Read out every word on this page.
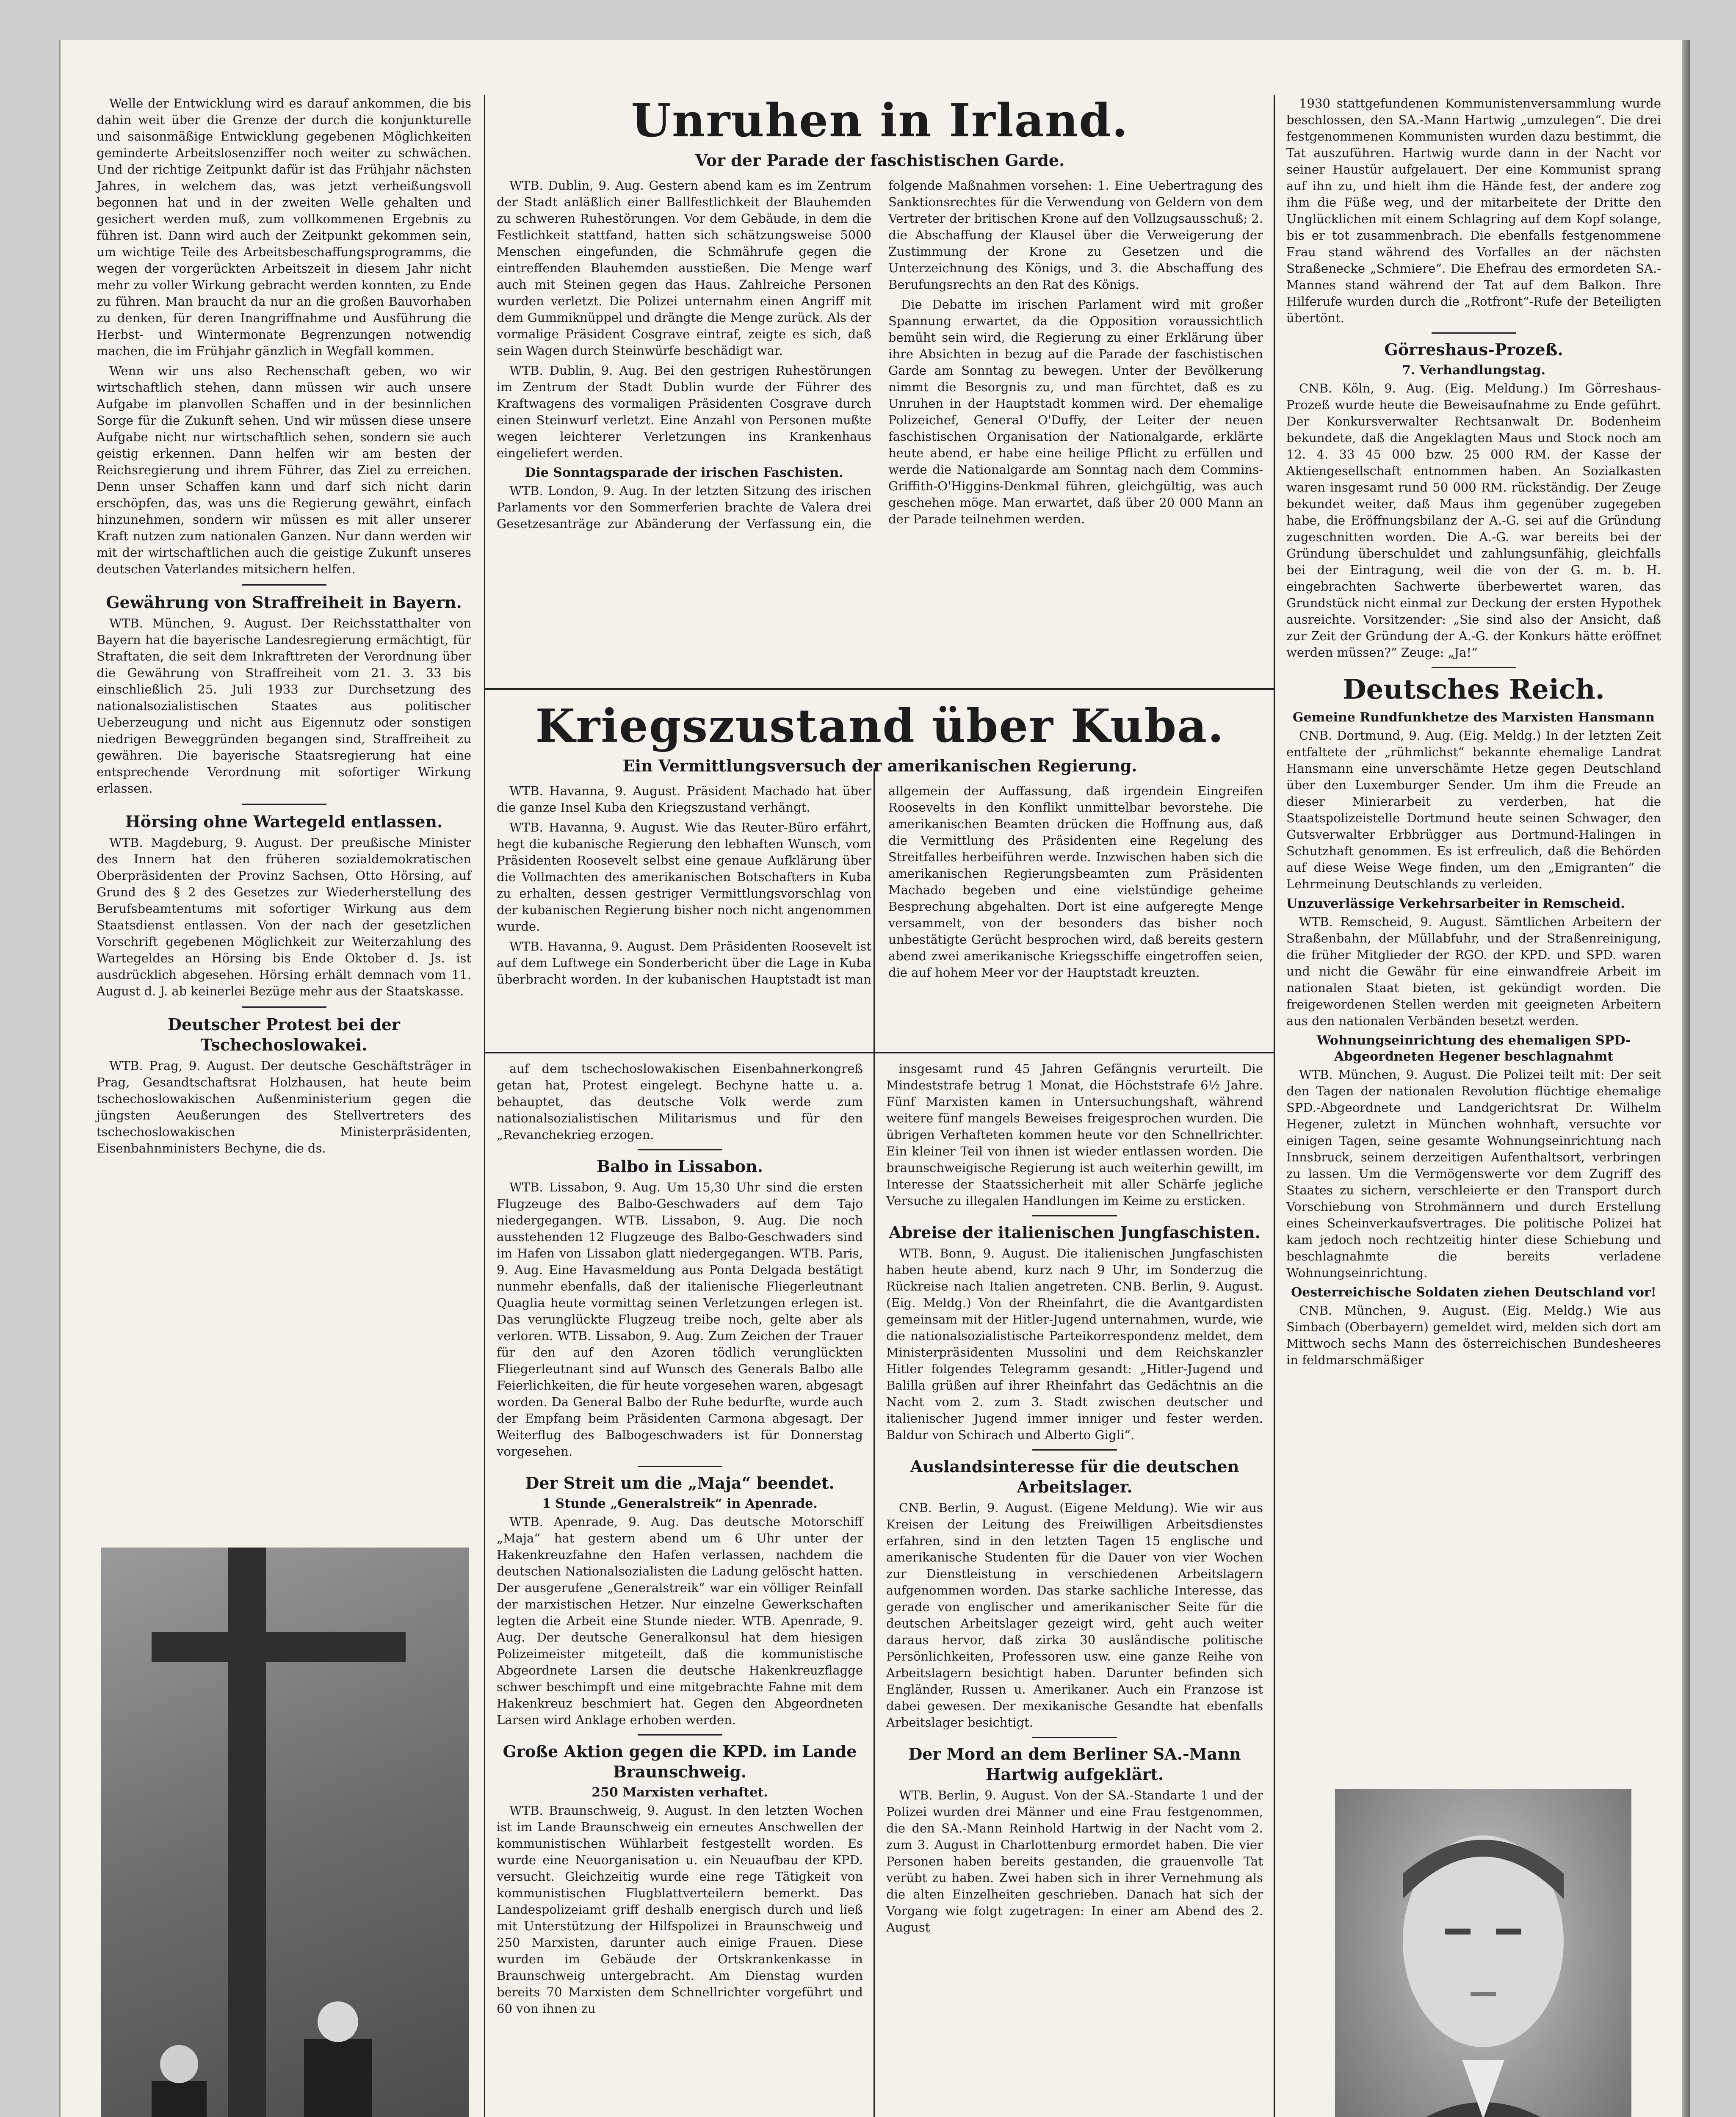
Welle der Entwicklung wird es darauf ankommen, die bis dahin weit über die Grenze der durch die konjunkturelle und saisonmäßige Entwicklung gegebenen Möglichkeiten geminderte Arbeitslosenziffer noch weiter zu schwächen. Und der richtige Zeitpunkt dafür ist das Frühjahr nächsten Jahres, in welchem das, was jetzt verheißungsvoll begonnen hat und in der zweiten Welle gehalten und gesichert werden muß, zum vollkommenen Ergebnis zu führen ist. Dann wird auch der Zeitpunkt gekommen sein, um wichtige Teile des Arbeitsbeschaffungsprogramms, die wegen der vorgerückten Arbeitszeit in diesem Jahr nicht mehr zu voller Wirkung gebracht werden konnten, zu Ende zu führen. Man braucht da nur an die großen Bauvorhaben zu denken, für deren Inangriffnahme und Ausführung die Herbst- und Wintermonate Begrenzungen notwendig machen, die im Frühjahr gänzlich in Wegfall kommen.

Wenn wir uns also Rechenschaft geben, wo wir wirtschaftlich stehen, dann müssen wir auch unsere Aufgabe im planvollen Schaffen und in der besinnlichen Sorge für die Zukunft sehen. Und wir müssen diese unsere Aufgabe nicht nur wirtschaftlich sehen, sondern sie auch geistig erkennen. Dann helfen wir am besten der Reichsregierung und ihrem Führer, das Ziel zu erreichen. Denn unser Schaffen kann und darf sich nicht darin erschöpfen, das, was uns die Regierung gewährt, einfach hinzunehmen, sondern wir müssen es mit aller unserer Kraft nutzen zum nationalen Ganzen. Nur dann werden wir mit der wirtschaftlichen auch die geistige Zukunft unseres deutschen Vaterlandes mitsichern helfen.

Gewährung von Straffreiheit in Bayern.

WTB. München, 9. August. Der Reichsstatthalter von Bayern hat die bayerische Landesregierung ermächtigt, für Straftaten, die seit dem Inkrafttreten der Verordnung über die Gewährung von Straffreiheit vom 21. 3. 33 bis einschließlich 25. Juli 1933 zur Durchsetzung des nationalsozialistischen Staates aus politischer Ueberzeugung und nicht aus Eigennutz oder sonstigen niedrigen Beweggründen begangen sind, Straffreiheit zu gewähren. Die bayerische Staatsregierung hat eine entsprechende Verordnung mit sofortiger Wirkung erlassen.

Hörsing ohne Wartegeld entlassen.

WTB. Magdeburg, 9. August. Der preußische Minister des Innern hat den früheren sozialdemokratischen Oberpräsidenten der Provinz Sachsen, Otto Hörsing, auf Grund des § 2 des Gesetzes zur Wiederherstellung des Berufsbeamtentums mit sofortiger Wirkung aus dem Staatsdienst entlassen. Von der nach der gesetzlichen Vorschrift gegebenen Möglichkeit zur Weiterzahlung des Wartegeldes an Hörsing bis Ende Oktober d. Js. ist ausdrücklich abgesehen. Hörsing erhält demnach vom 11. August d. J. ab keinerlei Bezüge mehr aus der Staatskasse.

Deutscher Protest bei der Tschechoslowakei.

WTB. Prag, 9. August. Der deutsche Geschäftsträger in Prag, Gesandtschaftsrat Holzhausen, hat heute beim tschechoslowakischen Außenministerium gegen die jüngsten Aeußerungen des Stellvertreters des tschechoslowakischen Ministerpräsidenten, Eisenbahnministers Bechyne, die ds.

Unruhen in Irland.
Vor der Parade der faschistischen Garde.

WTB. Dublin, 9. Aug. Gestern abend kam es im Zentrum der Stadt anläßlich einer Ballfestlichkeit der Blauhemden zu schweren Ruhestörungen. Vor dem Gebäude, in dem die Festlichkeit stattfand, hatten sich schätzungsweise 5000 Menschen eingefunden, die Schmährufe gegen die eintreffenden Blauhemden ausstießen. Die Menge warf auch mit Steinen gegen das Haus. Zahlreiche Personen wurden verletzt. Die Polizei unternahm einen Angriff mit dem Gummiknüppel und drängte die Menge zurück. Als der vormalige Präsident Cosgrave eintraf, zeigte es sich, daß sein Wagen durch Steinwürfe beschädigt war.

WTB. Dublin, 9. Aug. Bei den gestrigen Ruhestörungen im Zentrum der Stadt Dublin wurde der Führer des Kraftwagens des vormaligen Präsidenten Cosgrave durch einen Steinwurf verletzt. Eine Anzahl von Personen mußte wegen leichterer Verletzungen ins Krankenhaus eingeliefert werden.

Die Sonntagsparade der irischen Faschisten.

WTB. London, 9. Aug. In der letzten Sitzung des irischen Parlaments vor den Sommerferien brachte de Valera drei Gesetzesanträge zur Abänderung der Verfassung ein, die folgende Maßnahmen vorsehen: 1. Eine Uebertragung des Sanktionsrechtes für die Verwendung von Geldern von dem Vertreter der britischen Krone auf den Vollzugsausschuß; 2. die Abschaffung der Klausel über die Verweigerung der Zustimmung der Krone zu Gesetzen und die Unterzeichnung des Königs, und 3. die Abschaffung des Berufungsrechts an den Rat des Königs.

Die Debatte im irischen Parlament wird mit großer Spannung erwartet, da die Opposition voraussichtlich bemüht sein wird, die Regierung zu einer Erklärung über ihre Absichten in bezug auf die Parade der faschistischen Garde am Sonntag zu bewegen. Unter der Bevölkerung nimmt die Besorgnis zu, und man fürchtet, daß es zu Unruhen in der Hauptstadt kommen wird. Der ehemalige Polizeichef, General O'Duffy, der Leiter der neuen faschistischen Organisation der Nationalgarde, erklärte heute abend, er habe eine heilige Pflicht zu erfüllen und werde die Nationalgarde am Sonntag nach dem Commins-Griffith-O'Higgins-Denkmal führen, gleichgültig, was auch geschehen möge. Man erwartet, daß über 20 000 Mann an der Parade teilnehmen werden.

Kriegszustand über Kuba.
Ein Vermittlungsversuch der amerikanischen Regierung.

WTB. Havanna, 9. August. Präsident Machado hat über die ganze Insel Kuba den Kriegszustand verhängt.

WTB. Havanna, 9. August. Wie das Reuter-Büro erfährt, hegt die kubanische Regierung den lebhaften Wunsch, vom Präsidenten Roosevelt selbst eine genaue Aufklärung über die Vollmachten des amerikanischen Botschafters in Kuba zu erhalten, dessen gestriger Vermittlungsvorschlag von der kubanischen Regierung bisher noch nicht angenommen wurde.

WTB. Havanna, 9. August. Dem Präsidenten Roosevelt ist auf dem Luftwege ein Sonderbericht über die Lage in Kuba überbracht worden. In der kubanischen Hauptstadt ist man allgemein der Auffassung, daß irgendein Eingreifen Roosevelts in den Konflikt unmittelbar bevorstehe. Die amerikanischen Beamten drücken die Hoffnung aus, daß die Vermittlung des Präsidenten eine Regelung des Streitfalles herbeiführen werde. Inzwischen haben sich die amerikanischen Regierungsbeamten zum Präsidenten Machado begeben und eine vielstündige geheime Besprechung abgehalten. Dort ist eine aufgeregte Menge versammelt, von der besonders das bisher noch unbestätigte Gerücht besprochen wird, daß bereits gestern abend zwei amerikanische Kriegsschiffe eingetroffen seien, die auf hohem Meer vor der Hauptstadt kreuzten.

auf dem tschechoslowakischen Eisenbahnerkongreß getan hat, Protest eingelegt. Bechyne hatte u. a. behauptet, das deutsche Volk werde zum nationalsozialistischen Militarismus und für den „Revanchekrieg erzogen.

Balbo in Lissabon.

WTB. Lissabon, 9. Aug. Um 15,30 Uhr sind die ersten Flugzeuge des Balbo-Geschwaders auf dem Tajo niedergegangen. WTB. Lissabon, 9. Aug. Die noch ausstehenden 12 Flugzeuge des Balbo-Geschwaders sind im Hafen von Lissabon glatt niedergegangen. WTB. Paris, 9. Aug. Eine Havasmeldung aus Ponta Delgada bestätigt nunmehr ebenfalls, daß der italienische Fliegerleutnant Quaglia heute vormittag seinen Verletzungen erlegen ist. Das verunglückte Flugzeug treibe noch, gelte aber als verloren. WTB. Lissabon, 9. Aug. Zum Zeichen der Trauer für den auf den Azoren tödlich verunglückten Fliegerleutnant sind auf Wunsch des Generals Balbo alle Feierlichkeiten, die für heute vorgesehen waren, abgesagt worden. Da General Balbo der Ruhe bedurfte, wurde auch der Empfang beim Präsidenten Carmona abgesagt. Der Weiterflug des Balbogeschwaders ist für Donnerstag vorgesehen.

Der Streit um die „Maja“ beendet.
1 Stunde „Generalstreik“ in Apenrade.

WTB. Apenrade, 9. Aug. Das deutsche Motorschiff „Maja“ hat gestern abend um 6 Uhr unter der Hakenkreuzfahne den Hafen verlassen, nachdem die deutschen Nationalsozialisten die Ladung gelöscht hatten. Der ausgerufene „Generalstreik“ war ein völliger Reinfall der marxistischen Hetzer. Nur einzelne Gewerkschaften legten die Arbeit eine Stunde nieder. WTB. Apenrade, 9. Aug. Der deutsche Generalkonsul hat dem hiesigen Polizeimeister mitgeteilt, daß die kommunistische Abgeordnete Larsen die deutsche Hakenkreuzflagge schwer beschimpft und eine mitgebrachte Fahne mit dem Hakenkreuz beschmiert hat. Gegen den Abgeordneten Larsen wird Anklage erhoben werden.

Große Aktion gegen die KPD. im Lande Braunschweig.
250 Marxisten verhaftet.

WTB. Braunschweig, 9. August. In den letzten Wochen ist im Lande Braunschweig ein erneutes Anschwellen der kommunistischen Wühlarbeit festgestellt worden. Es wurde eine Neuorganisation u. ein Neuaufbau der KPD. versucht. Gleichzeitig wurde eine rege Tätigkeit von kommunistischen Flugblattverteilern bemerkt. Das Landespolizeiamt griff deshalb energisch durch und ließ mit Unterstützung der Hilfspolizei in Braunschweig und 250 Marxisten, darunter auch einige Frauen. Diese wurden im Gebäude der Ortskrankenkasse in Braunschweig untergebracht. Am Dienstag wurden bereits 70 Marxisten dem Schnellrichter vorgeführt und 60 von ihnen zu

insgesamt rund 45 Jahren Gefängnis verurteilt. Die Mindeststrafe betrug 1 Monat, die Höchststrafe 6½ Jahre. Fünf Marxisten kamen in Untersuchungshaft, während weitere fünf mangels Beweises freigesprochen wurden. Die übrigen Verhafteten kommen heute vor den Schnellrichter. Ein kleiner Teil von ihnen ist wieder entlassen worden. Die braunschweigische Regierung ist auch weiterhin gewillt, im Interesse der Staatssicherheit mit aller Schärfe jegliche Versuche zu illegalen Handlungen im Keime zu ersticken.

Abreise der italienischen Jungfaschisten.

WTB. Bonn, 9. August. Die italienischen Jungfaschisten haben heute abend, kurz nach 9 Uhr, im Sonderzug die Rückreise nach Italien angetreten. CNB. Berlin, 9. August. (Eig. Meldg.) Von der Rheinfahrt, die die Avantgardisten gemeinsam mit der Hitler-Jugend unternahmen, wurde, wie die nationalsozialistische Parteikorrespondenz meldet, dem Ministerpräsidenten Mussolini und dem Reichskanzler Hitler folgendes Telegramm gesandt: „Hitler-Jugend und Balilla grüßen auf ihrer Rheinfahrt das Gedächtnis an die Nacht vom 2. zum 3. Stadt zwischen deutscher und italienischer Jugend immer inniger und fester werden. Baldur von Schirach und Alberto Gigli“.

Auslandsinteresse für die deutschen Arbeitslager.

CNB. Berlin, 9. August. (Eigene Meldung). Wie wir aus Kreisen der Leitung des Freiwilligen Arbeitsdienstes erfahren, sind in den letzten Tagen 15 englische und amerikanische Studenten für die Dauer von vier Wochen zur Dienstleistung in verschiedenen Arbeitslagern aufgenommen worden. Das starke sachliche Interesse, das gerade von englischer und amerikanischer Seite für die deutschen Arbeitslager gezeigt wird, geht auch weiter daraus hervor, daß zirka 30 ausländische politische Persönlichkeiten, Professoren usw. eine ganze Reihe von Arbeitslagern besichtigt haben. Darunter befinden sich Engländer, Russen u. Amerikaner. Auch ein Franzose ist dabei gewesen. Der mexikanische Gesandte hat ebenfalls Arbeitslager besichtigt.

Der Mord an dem Berliner SA.-Mann Hartwig aufgeklärt.

WTB. Berlin, 9. August. Von der SA.-Standarte 1 und der Polizei wurden drei Männer und eine Frau festgenommen, die den SA.-Mann Reinhold Hartwig in der Nacht vom 2. zum 3. August in Charlottenburg ermordet haben. Die vier Personen haben bereits gestanden, die grauenvolle Tat verübt zu haben. Zwei haben sich in ihrer Vernehmung als die alten Einzelheiten geschrieben. Danach hat sich der Vorgang wie folgt zugetragen: In einer am Abend des 2. August

1930 stattgefundenen Kommunistenversammlung wurde beschlossen, den SA.-Mann Hartwig „umzulegen“. Die drei festgenommenen Kommunisten wurden dazu bestimmt, die Tat auszuführen. Hartwig wurde dann in der Nacht vor seiner Haustür aufgelauert. Der eine Kommunist sprang auf ihn zu, und hielt ihm die Hände fest, der andere zog ihm die Füße weg, und der mitarbeitete der Dritte den Unglücklichen mit einem Schlagring auf dem Kopf solange, bis er tot zusammenbrach. Die ebenfalls festgenommene Frau stand während des Vorfalles an der nächsten Straßenecke „Schmiere“. Die Ehefrau des ermordeten SA.-Mannes stand während der Tat auf dem Balkon. Ihre Hilferufe wurden durch die „Rotfront“-Rufe der Beteiligten übertönt.

Görreshaus-Prozeß.
7. Verhandlungstag.

CNB. Köln, 9. Aug. (Eig. Meldung.) Im Görreshaus-Prozeß wurde heute die Beweisaufnahme zu Ende geführt. Der Konkursverwalter Rechtsanwalt Dr. Bodenheim bekundete, daß die Angeklagten Maus und Stock noch am 12. 4. 33 45 000 bzw. 25 000 RM. der Kasse der Aktiengesellschaft entnommen haben. An Sozialkasten waren insgesamt rund 50 000 RM. rückständig. Der Zeuge bekundet weiter, daß Maus ihm gegenüber zugegeben habe, die Eröffnungsbilanz der A.-G. sei auf die Gründung zugeschnitten worden. Die A.-G. war bereits bei der Gründung überschuldet und zahlungsunfähig, gleichfalls bei der Eintragung, weil die von der G. m. b. H. eingebrachten Sachwerte überbewertet waren, das Grundstück nicht einmal zur Deckung der ersten Hypothek ausreichte. Vorsitzender: „Sie sind also der Ansicht, daß zur Zeit der Gründung der A.-G. der Konkurs hätte eröffnet werden müssen?“ Zeuge: „Ja!“

Deutsches Reich.
Gemeine Rundfunkhetze des Marxisten Hansmann

CNB. Dortmund, 9. Aug. (Eig. Meldg.) In der letzten Zeit entfaltete der „rühmlichst“ bekannte ehemalige Landrat Hansmann eine unverschämte Hetze gegen Deutschland über den Luxemburger Sender. Um ihm die Freude an dieser Minierarbeit zu verderben, hat die Staatspolizeistelle Dortmund heute seinen Schwager, den Gutsverwalter Erbbrügger aus Dortmund-Halingen in Schutzhaft genommen. Es ist erfreulich, daß die Behörden auf diese Weise Wege finden, um den „Emigranten“ die Lehrmeinung Deutschlands zu verleiden.

Unzuverlässige Verkehrsarbeiter in Remscheid.

WTB. Remscheid, 9. August. Sämtlichen Arbeitern der Straßenbahn, der Müllabfuhr, und der Straßenreinigung, die früher Mitglieder der RGO. der KPD. und SPD. waren und nicht die Gewähr für eine einwandfreie Arbeit im nationalen Staat bieten, ist gekündigt worden. Die freigewordenen Stellen werden mit geeigneten Arbeitern aus den nationalen Verbänden besetzt werden.

Wohnungseinrichtung des ehemaligen SPD-Abgeordneten Hegener beschlagnahmt

WTB. München, 9. August. Die Polizei teilt mit: Der seit den Tagen der nationalen Revolution flüchtige ehemalige SPD.-Abgeordnete und Landgerichtsrat Dr. Wilhelm Hegener, zuletzt in München wohnhaft, versuchte vor einigen Tagen, seine gesamte Wohnungseinrichtung nach Innsbruck, seinem derzeitigen Aufenthaltsort, verbringen zu lassen. Um die Vermögenswerte vor dem Zugriff des Staates zu sichern, verschleierte er den Transport durch Vorschiebung von Strohmännern und durch Erstellung eines Scheinverkaufsvertrages. Die politische Polizei hat kam jedoch noch rechtzeitig hinter diese Schiebung und beschlagnahmte die bereits verladene Wohnungseinrichtung.

Oesterreichische Soldaten ziehen Deutschland vor!

CNB. München, 9. August. (Eig. Meldg.) Wie aus Simbach (Oberbayern) gemeldet wird, melden sich dort am Mittwoch sechs Mann des österreichischen Bundesheeres in feldmarschmäßiger
